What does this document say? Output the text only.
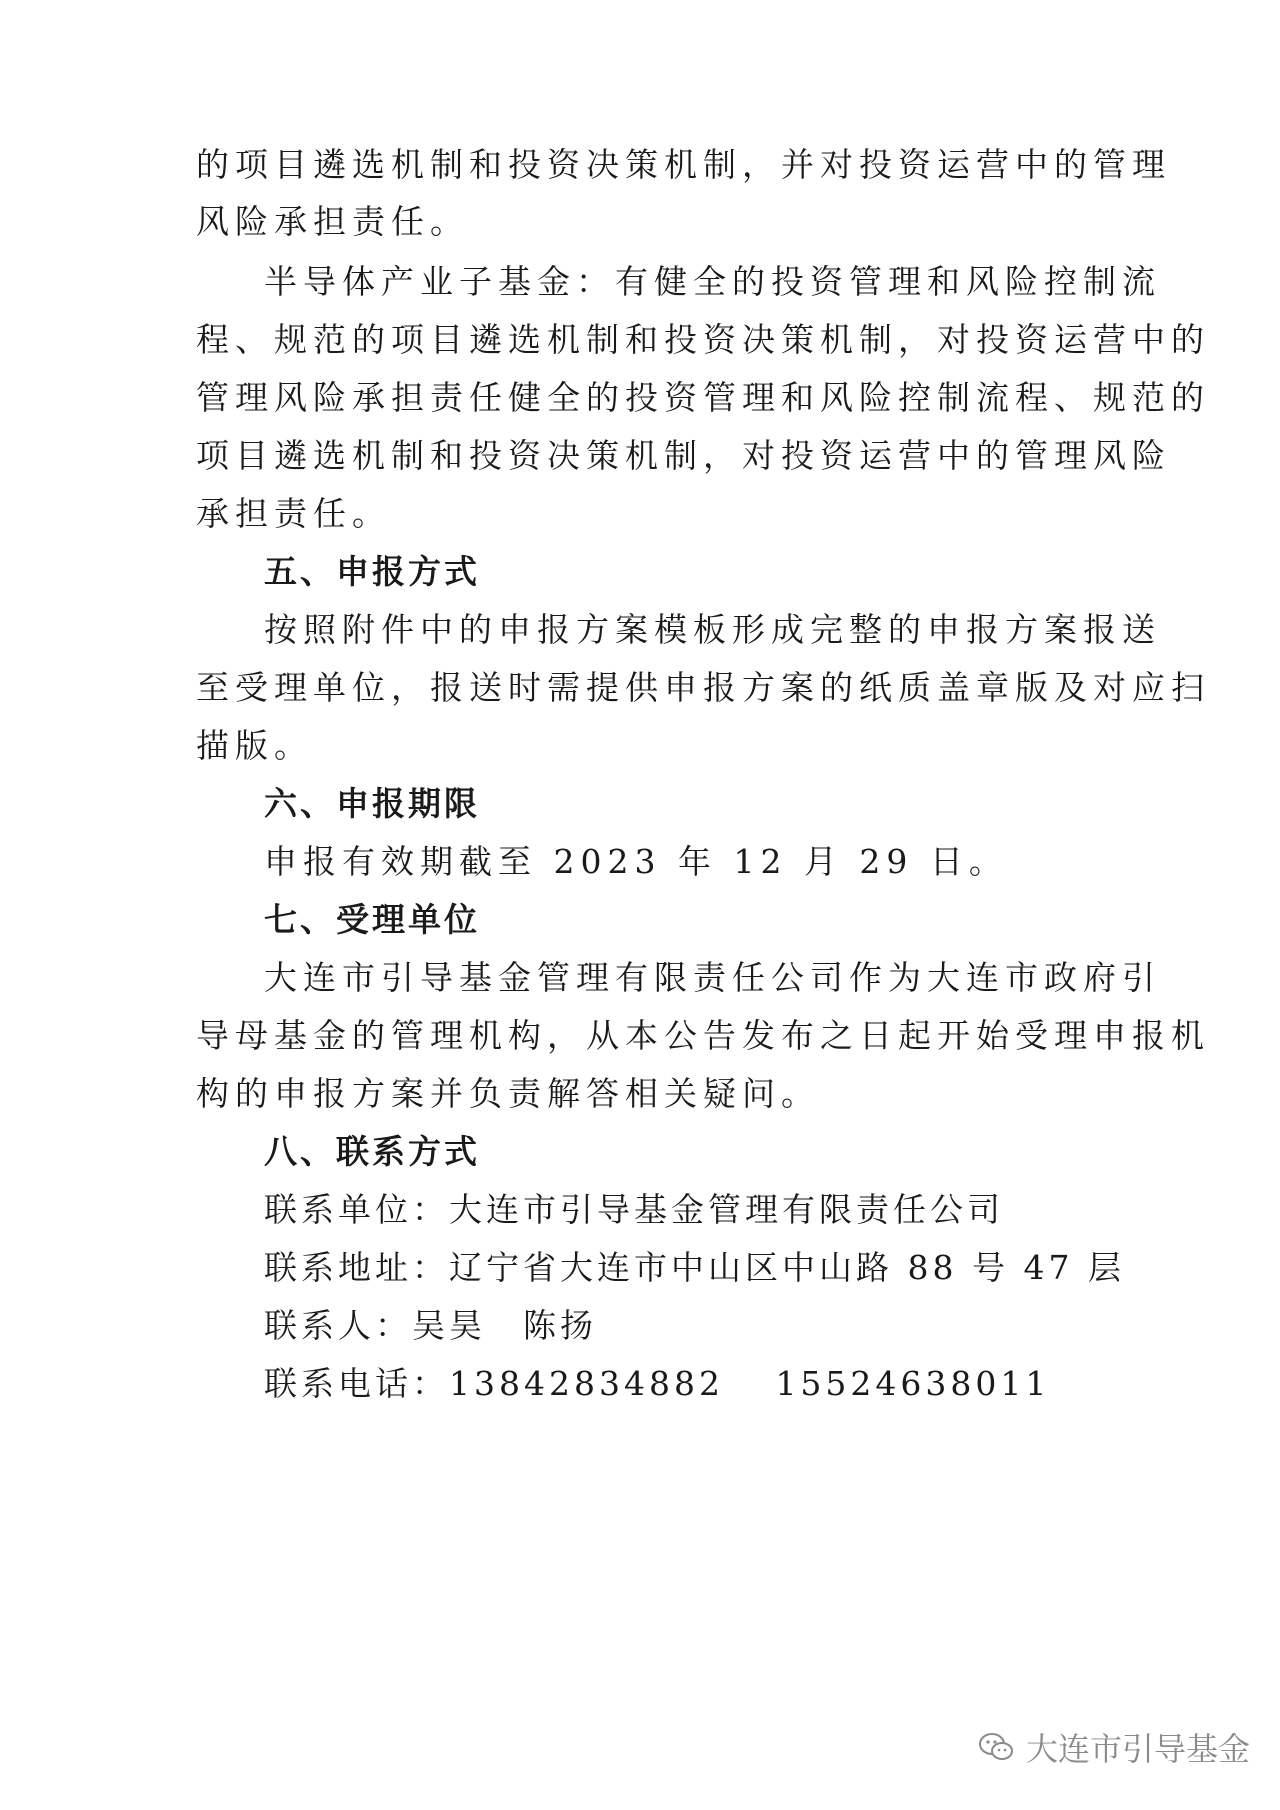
的项目遴选机制和投资决策机制，并对投资运营中的管理
风险承担责任。
半导体产业子基金：有健全的投资管理和风险控制流
程、规范的项目遴选机制和投资决策机制，对投资运营中的
管理风险承担责任健全的投资管理和风险控制流程、规范的
项目遴选机制和投资决策机制，对投资运营中的管理风险
承担责任。
五、申报方式
按照附件中的申报方案模板形成完整的申报方案报送
至受理单位，报送时需提供申报方案的纸质盖章版及对应扫
描版。
六、申报期限
申报有效期截至 2023 年 12 月 29 日。
七、受理单位
大连市引导基金管理有限责任公司作为大连市政府引
导母基金的管理机构，从本公告发布之日起开始受理申报机
构的申报方案并负责解答相关疑问。
八、联系方式
联系单位：大连市引导基金管理有限责任公司
联系地址：辽宁省大连市中山区中山路 88 号 47 层
联系人：吴昊　陈扬
联系电话：13842834882　 15524638011
大连市引导基金
